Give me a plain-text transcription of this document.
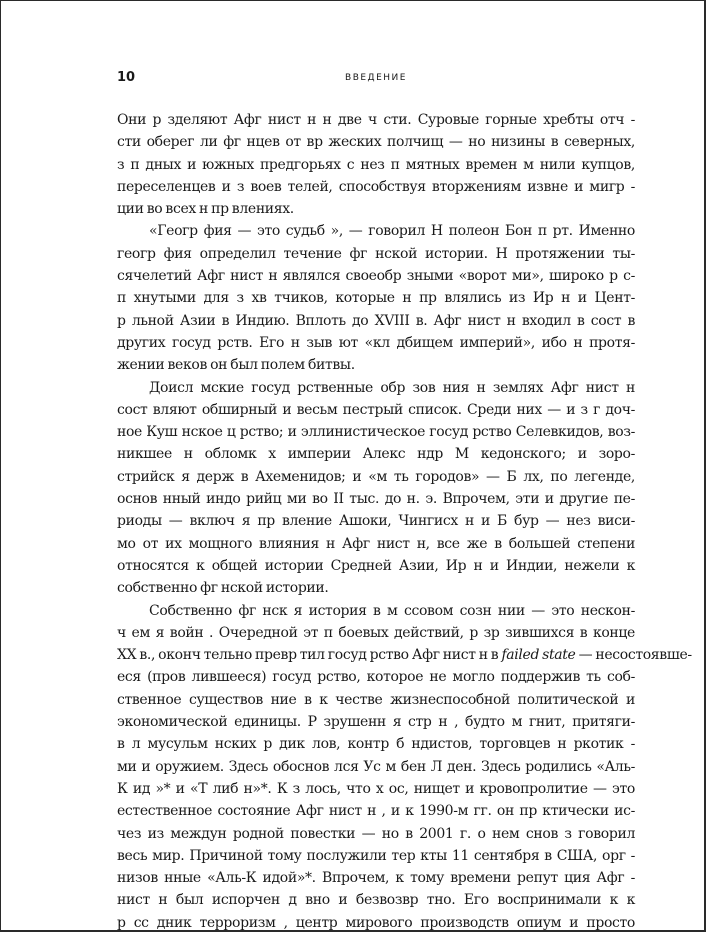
10	ВВЕДЕНИЕ
Они р зделяют Афг нист н н две ч сти. Суровые горные хребты отч -
сти оберег ли фг нцев от вр жеских полчищ — но низины в северных,
з п дных и южных предгорьях с нез п мятных времен м нили купцов,
переселенцев и з воев телей, способствуя вторжениям извне и мигр -
ции во всех н пр влениях.
«Геогр фия — это судьб », — говорил Н полеон Бон п рт. Именно
геогр фия определил течение фг нской истории. Н протяжении ты-
сячелетий Афг нист н являлся своеобр зными «ворот ми», широко р с-
п хнутыми для з хв тчиков, которые н пр влялись из Ир н и Цент-
р льной Азии в Индию. Вплоть до XVIII в. Афг нист н входил в сост в
других госуд рств. Его н зыв ют «кл дбищем империй», ибо н протя-
жении веков он был полем битвы.
Доисл мские госуд рственные обр зов ния н землях Афг нист н
сост вляют обширный и весьм пестрый список. Среди них — и з г доч-
ное Куш нское ц рство; и эллинистическое госуд рство Селевкидов, воз-
никшее н обломк х империи Алекс ндр М кедонского; и зоро-
стрийск я держ в Ахеменидов; и «м ть городов» — Б лх, по легенде,
основ нный индо рийц ми во II тыс. до н. э. Впрочем, эти и другие пе-
риоды — включ я пр вление Ашоки, Чингисх н и Б бур — нез виси-
мо от их мощного влияния н Афг нист н, все же в большей степени
относятся к общей истории Средней Азии, Ир н и Индии, нежели к
собственно фг нской истории.
Собственно фг нск я история в м ссовом созн нии — это нескон-
ч ем я войн . Очередной эт п боевых действий, р зр зившихся в конце
XX в., оконч тельно превр тил госуд рство Афг нист н в failed state — несостоявше-
еся (пров лившееся) госуд рство, которое не могло поддержив ть соб-
ственное существов ние в к честве жизнеспособной политической и
экономической единицы. Р зрушенн я стр н , будто м гнит, притяги-
в л мусульм нских р дик лов, контр б ндистов, торговцев н ркотик -
ми и оружием. Здесь обоснов лся Ус м бен Л ден. Здесь родились «Аль-
К ид »* и «Т либ н»*. К з лось, что х ос, нищет и кровопролитие — это
естественное состояние Афг нист н , и к 1990-м гг. он пр ктически ис-
чез из междун родной повестки — но в 2001 г. о нем снов з говорил
весь мир. Причиной тому послужили тер кты 11 сентября в США, орг -
низов нные «Аль-К идой»*. Впрочем, к тому времени репут ция Афг -
нист н был испорчен д вно и безвозвр тно. Его воспринимали к к
р сс дник терроризм , центр мирового производств опиум и просто
